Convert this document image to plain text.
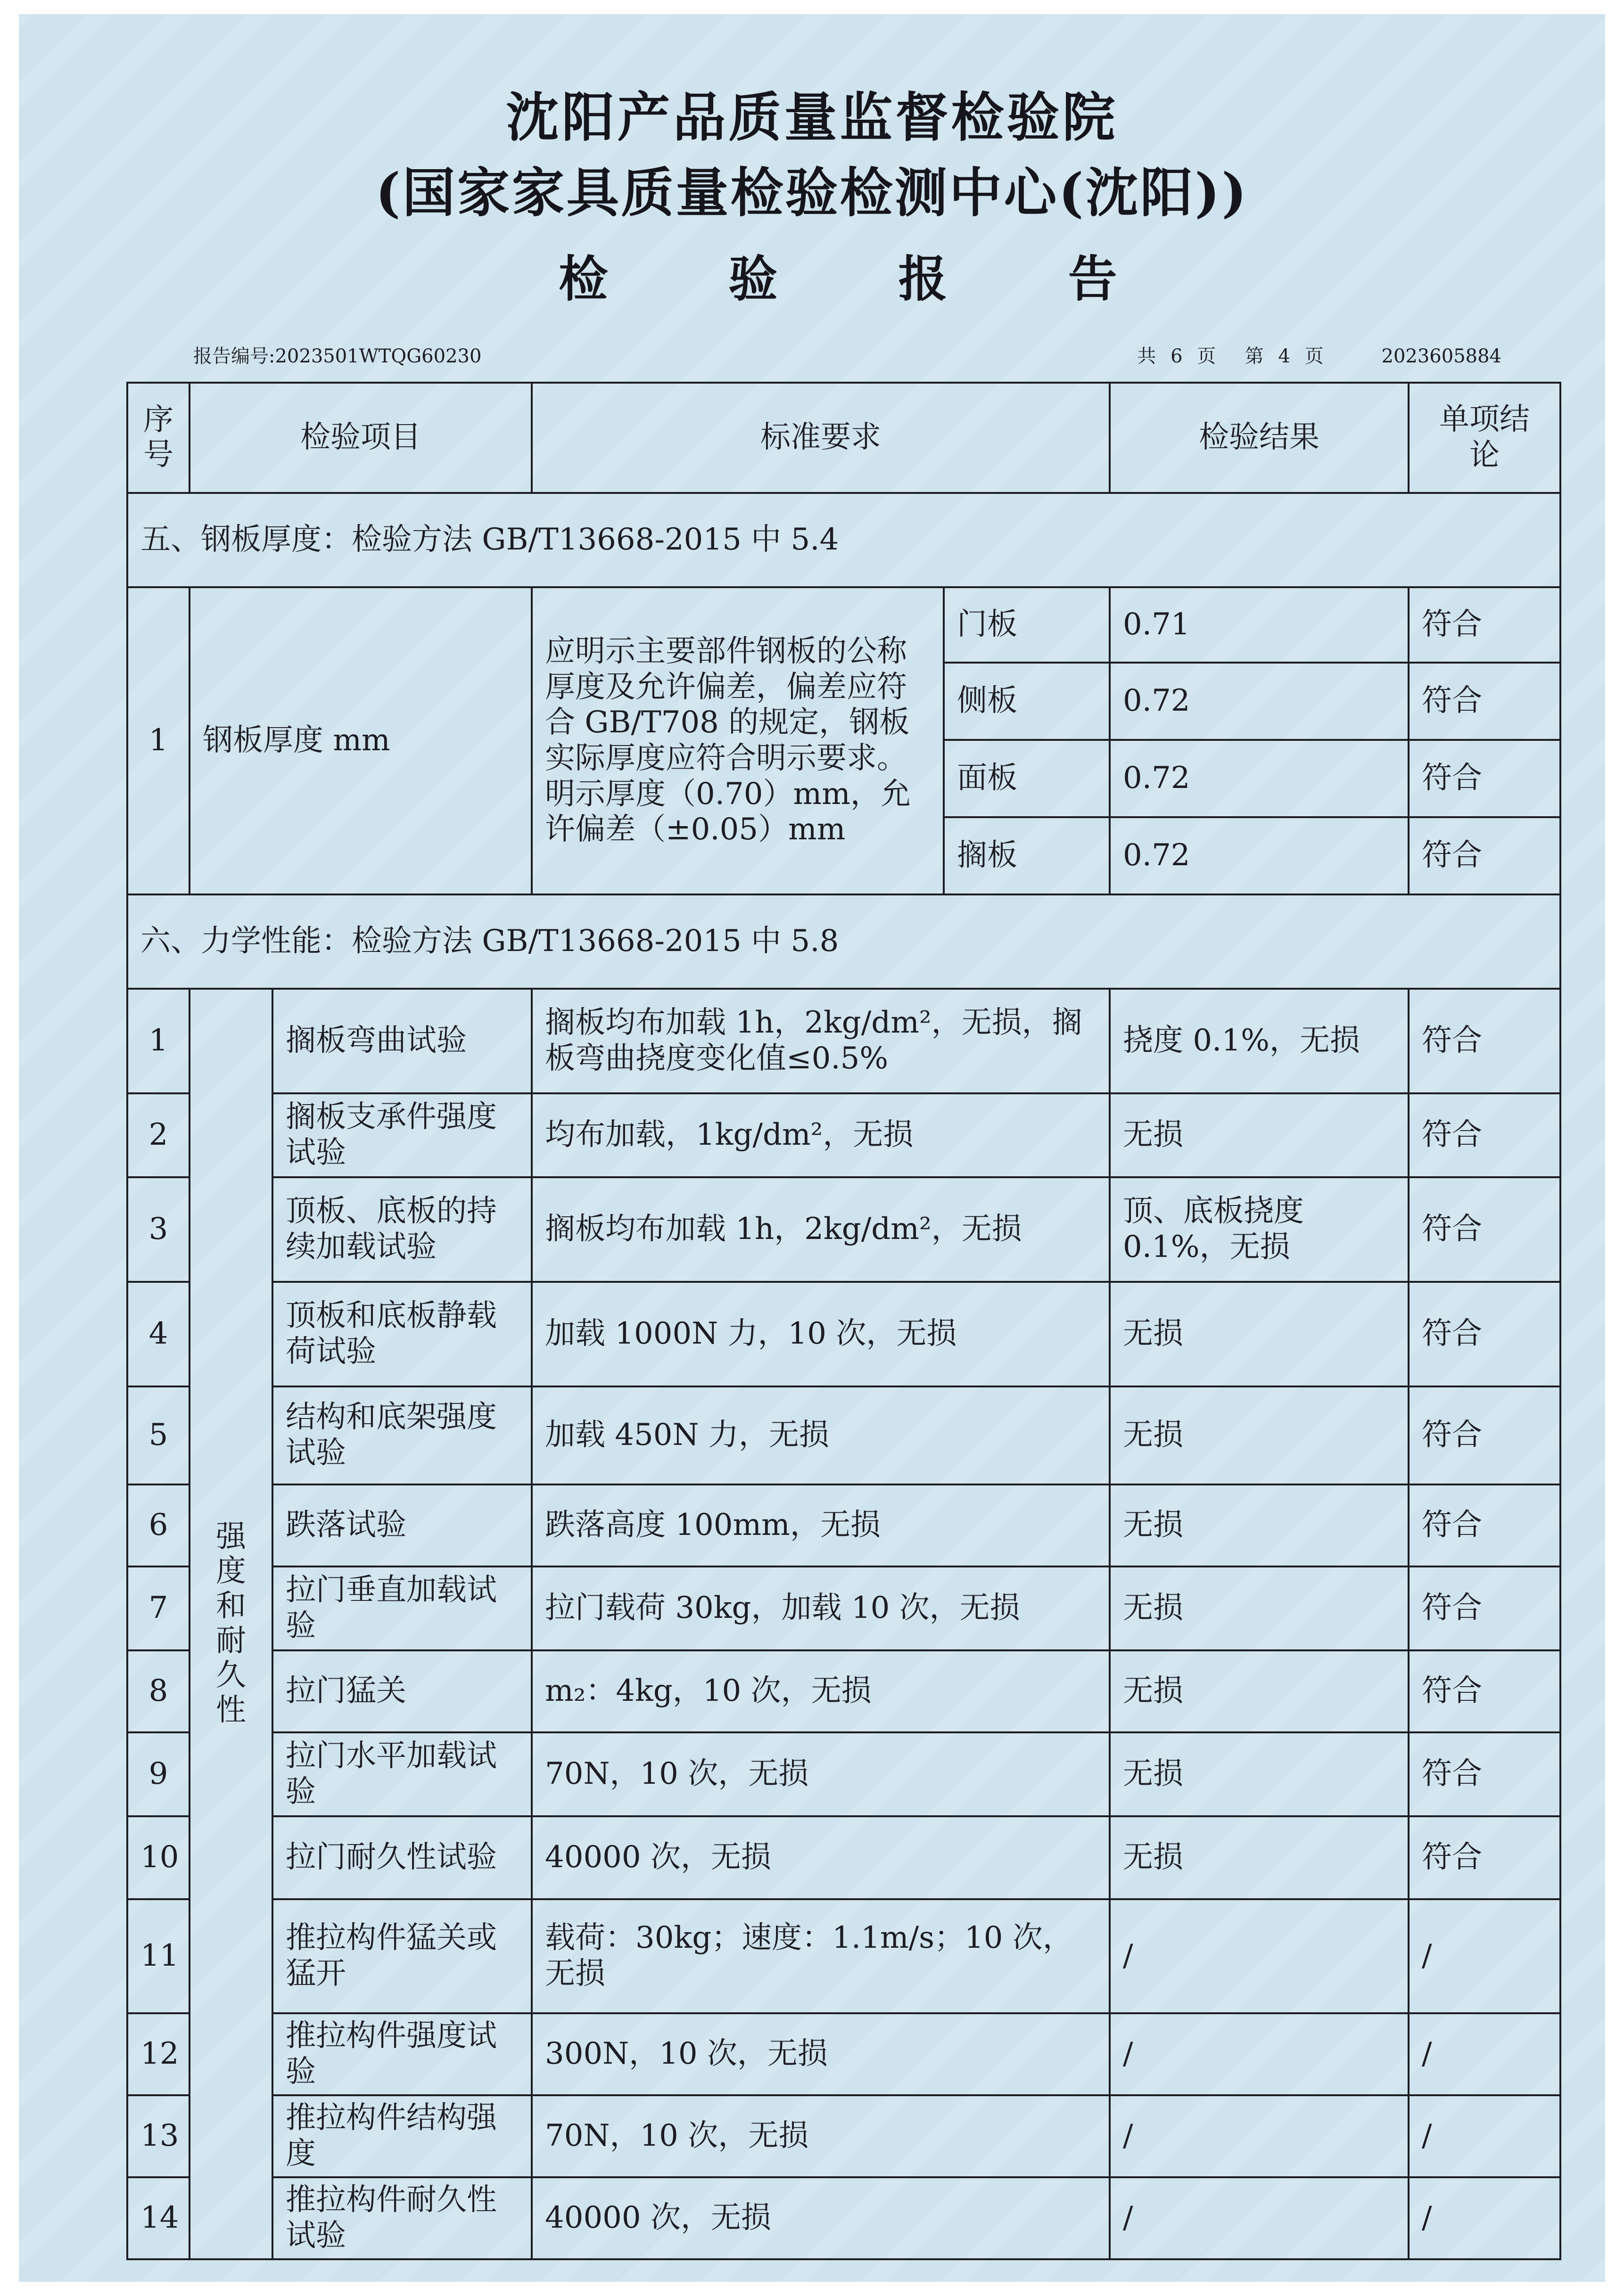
沈阳产品质量监督检验院
(国家家具质量检验检测中心(沈阳))
检 验 报 告
报告编号:2023501WTQG60230	共 6 页 第 4 页	2023605884
序号	检验项目		标准要求		检验结果	单项结论
五、钢板厚度：检验方法 GB/T13668-2015 中 5.4						
1	钢板厚度 mm		应明示主要部件钢板的公称厚度及允许偏差，偏差应符合 GB/T708 的规定，钢板实际厚度应符合明示要求。
明示厚度（0.70）mm，允许偏差（±0.05）mm	门板	0.71	符合
				侧板	0.72	符合
				面板	0.72	符合
				搁板	0.72	符合
六、力学性能：检验方法 GB/T13668-2015 中 5.8						
1	强度和耐久性	搁板弯曲试验	搁板均布加载 1h，2kg/dm²，无损，搁板弯曲挠度变化值≤0.5%		挠度 0.1%，无损	符合
2		搁板支承件强度试验	均布加载，1kg/dm²，无损		无损	符合
3		顶板、底板的持续加载试验	搁板均布加载 1h，2kg/dm²，无损		顶、底板挠度 0.1%，无损	符合
4		顶板和底板静载荷试验	加载 1000N 力，10 次，无损		无损	符合
5		结构和底架强度试验	加载 450N 力，无损		无损	符合
6		跌落试验	跌落高度 100mm，无损		无损	符合
7		拉门垂直加载试验	拉门载荷 30kg，加载 10 次，无损		无损	符合
8		拉门猛关	m₂：4kg，10 次，无损		无损	符合
9		拉门水平加载试验	70N，10 次，无损		无损	符合
10		拉门耐久性试验	40000 次，无损		无损	符合
11		推拉构件猛关或猛开	载荷：30kg；速度：1.1m/s；10 次，无损		/	/
12		推拉构件强度试验	300N，10 次，无损		/	/
13		推拉构件结构强度	70N，10 次，无损		/	/
14		推拉构件耐久性试验	40000 次，无损		/	/
